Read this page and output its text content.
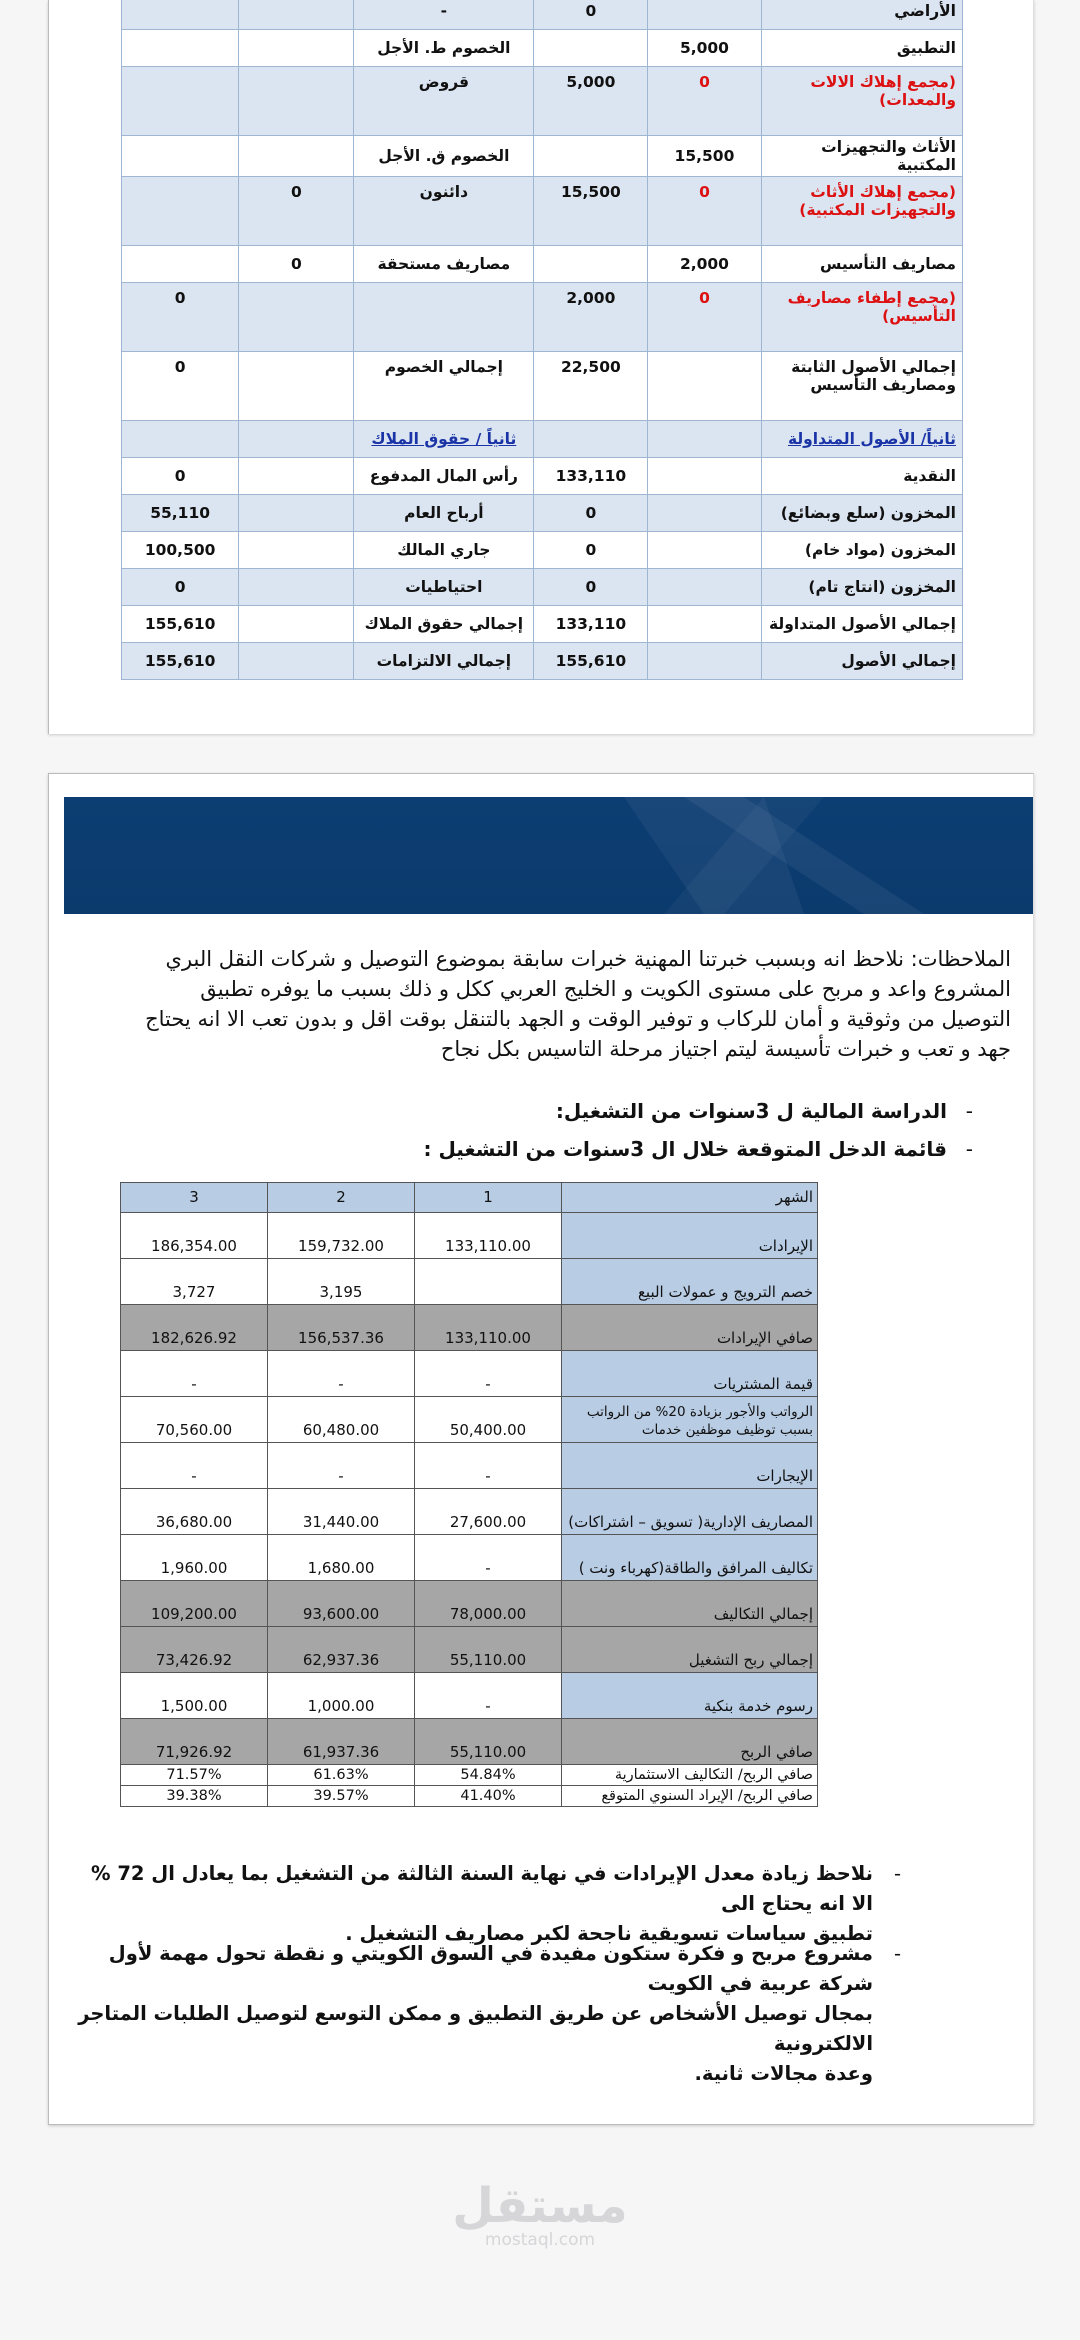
الأراضي		0	-		
التطبيق	5,000		الخصوم ط. الأجل		
(مجمع إهلاك الالات والمعدات)	0	5,000	قروض		
الأثاث والتجهيزات المكتبية	15,500		الخصوم ق. الأجل		
(مجمع إهلاك الأثاث والتجهيزات المكتبية)	0	15,500	دائنون	0	
مصاريف التأسيس	2,000		مصاريف مستحقة	0	
(مجمع إطفاء مصاريف التأسيس)	0	2,000			0
إجمالي الأصول الثابتة ومصاريف التأسيس		22,500	إجمالي الخصوم		0
ثانياً/ الأصول المتداولة			ثانياً / حقوق الملاك		
النقدية		133,110	رأس المال المدفوع		0
المخزون (سلع وبضائع)		0	أرباح العام		55,110
المخزون (مواد خام)		0	جاري المالك		100,500
المخزون (انتاج تام)		0	احتياطيات		0
إجمالي الأصول المتداولة		133,110	إجمالي حقوق الملاك		155,610
إجمالي الأصول		155,610	إجمالي الالتزامات		155,610
الملاحظات: نلاحظ انه وبسبب خبرتنا المهنية خبرات سابقة بموضوع التوصيل و شركات النقل البري
المشروع واعد و مربح على مستوى الكويت و الخليج العربي ككل و ذلك بسبب ما يوفره تطبيق
التوصيل من وثوقية و أمان للركاب و توفير الوقت و الجهد بالتنقل بوقت اقل و بدون تعب الا انه يحتاج
جهد و تعب و خبرات تأسيسة ليتم اجتياز مرحلة التاسيس بكل نجاح
-الدراسة المالية ل 3سنوات من التشغيل:
-قائمة الدخل المتوقعة خلال ال 3سنوات من التشغيل :
الشهر	1	2	3
الإيرادات	133,110.00	159,732.00	186,354.00
خصم الترويج و عمولات البيع		3,195	3,727
صافي الإيرادات	133,110.00	156,537.36	182,626.92
قيمة المشتريات	-	-	-
الرواتب والأجور بزيادة 20% من الرواتب بسبب توظيف موظفين خدمات	50,400.00	60,480.00	70,560.00
الإيجارات	-	-	-
المصاريف الإدارية( تسويق – اشتراكات)	27,600.00	31,440.00	36,680.00
تكاليف المرافق والطاقة(كهرباء ونت )	-	1,680.00	1,960.00
إجمالي التكاليف	78,000.00	93,600.00	109,200.00
إجمالي ربح التشغيل	55,110.00	62,937.36	73,426.92
رسوم خدمة بنكية	-	1,000.00	1,500.00
صافي الربح	55,110.00	61,937.36	71,926.92
صافي الربح/ التكاليف الاستثمارية	54.84%	61.63%	71.57%
صافي الربح/ الإيراد السنوي المتوقع	41.40%	39.57%	39.38%
-
نلاحظ زيادة معدل الإيرادات في نهاية السنة الثالثة من التشغيل بما يعادل ال 72 % الا انه يحتاج الى
تطبيق سياسات تسويقية ناجحة لكبر مصاريف التشغيل .
-
مشروع مربح و فكرة ستكون مفيدة في السوق الكويتي و نقطة تحول مهمة لأول شركة عربية في الكويت
بمجال توصيل الأشخاص عن طريق التطبيق و ممكن التوسع لتوصيل الطلبات المتاجر الالكترونية
وعدة مجالات ثانية.
مستقل
mostaql.com
